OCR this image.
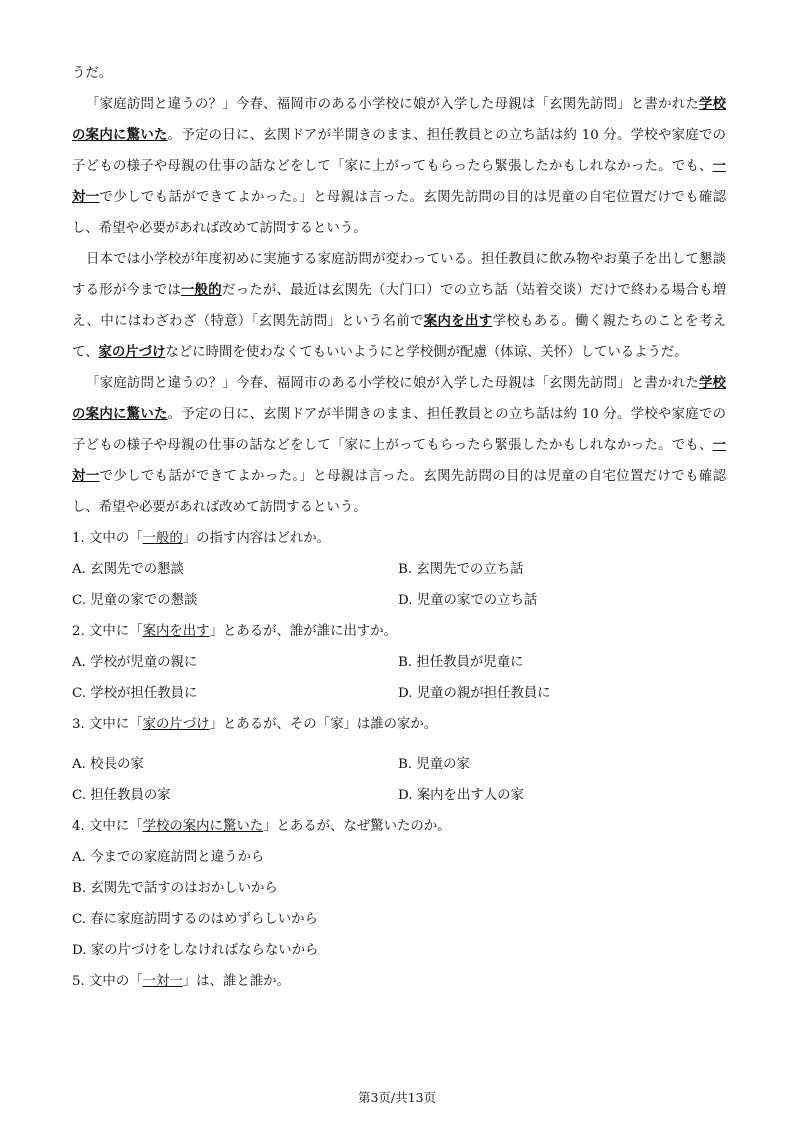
うだ。

「家庭訪問と違うの？」今春、福岡市のある小学校に娘が入学した母親は「玄関先訪問」と書かれた学校の案内に驚いた。予定の日に、玄関ドアが半開きのまま、担任教員との立ち話は約 10 分。学校や家庭での子どもの様子や母親の仕事の話などをして「家に上がってもらったら緊張したかもしれなかった。でも、一対一で少しでも話ができてよかった。」と母親は言った。玄関先訪問の目的は児童の自宅位置だけでも確認し、希望や必要があれば改めて訪問するという。

日本では小学校が年度初めに実施する家庭訪問が変わっている。担任教員に飲み物やお菓子を出して懇談する形が今までは一般的だったが、最近は玄関先（大门口）での立ち話（站着交谈）だけで終わる場合も増え、中にはわざわざ（特意）「玄関先訪問」という名前で案内を出す学校もある。働く親たちのことを考えて、家の片づけなどに時間を使わなくてもいいようにと学校側が配慮（体谅、关怀）しているようだ。

「家庭訪問と違うの？」今春、福岡市のある小学校に娘が入学した母親は「玄関先訪問」と書かれた学校の案内に驚いた。予定の日に、玄関ドアが半開きのまま、担任教員との立ち話は約 10 分。学校や家庭での子どもの様子や母親の仕事の話などをして「家に上がってもらったら緊張したかもしれなかった。でも、一対一で少しでも話ができてよかった。」と母親は言った。玄関先訪問の目的は児童の自宅位置だけでも確認し、希望や必要があれば改めて訪問するという。

1. 文中の「一般的」の指す内容はどれか。

A. 玄関先での懇談	B. 玄関先での立ち話
C. 児童の家での懇談	D. 児童の家での立ち話

2. 文中に「案内を出す」とあるが、誰が誰に出すか。

A. 学校が児童の親に	B. 担任教員が児童に
C. 学校が担任教員に	D. 児童の親が担任教員に

3. 文中に「家の片づけ」とあるが、その「家」は誰の家か。

A. 校長の家	B. 児童の家
C. 担任教員の家	D. 案内を出す人の家

4. 文中に「学校の案内に驚いた」とあるが、なぜ驚いたのか。

A. 今までの家庭訪問と違うから
B. 玄関先で話すのはおかしいから
C. 春に家庭訪問するのはめずらしいから
D. 家の片づけをしなければならないから

5. 文中の「一対一」は、誰と誰か。

第3页/共13页
